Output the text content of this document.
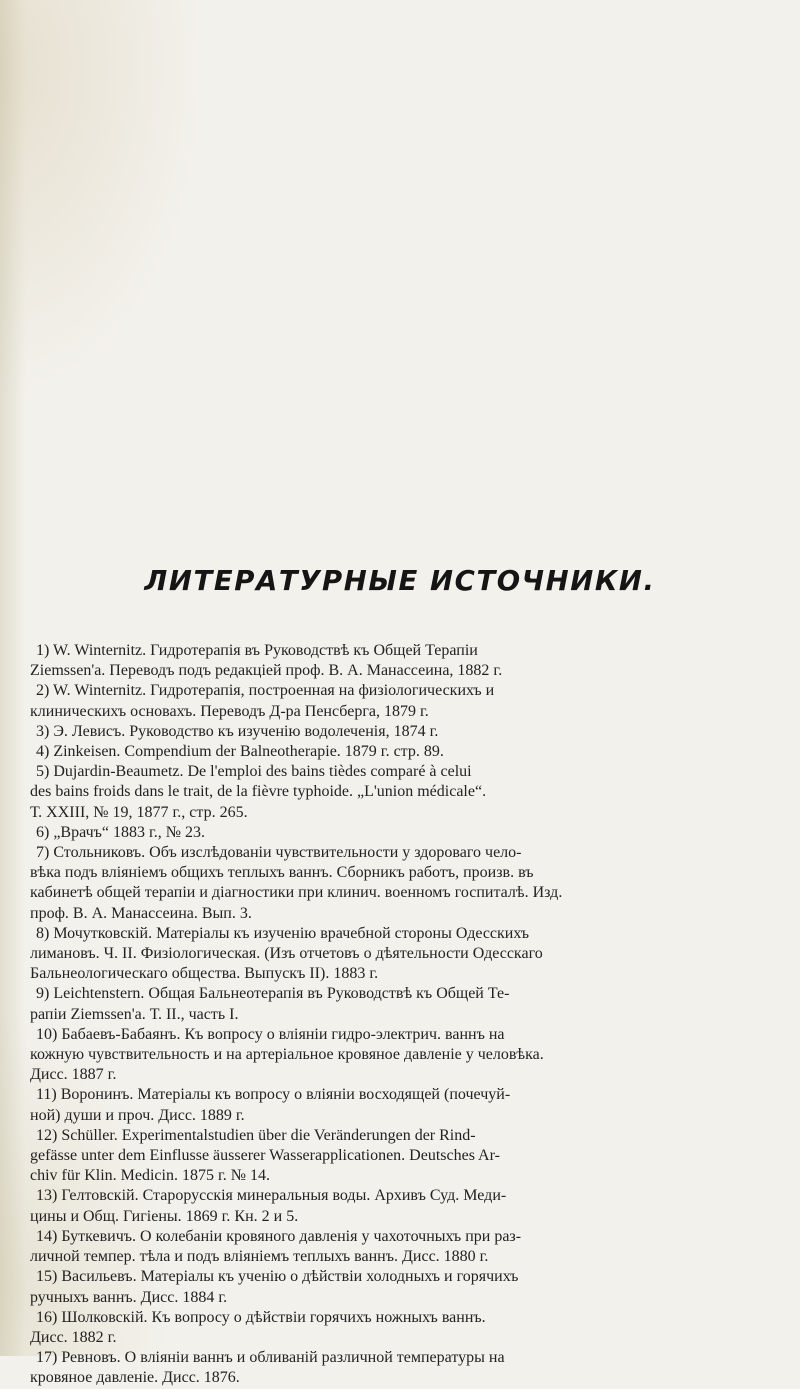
ЛИТЕРАТУРНЫЕ ИСТОЧНИКИ.

1) W. Winternitz. Гидротерапія въ Руководствѣ къ Общей Терапіи

Ziemssen'а. Переводъ подъ редакціей проф. В. А. Манассеина, 1882 г.

2) W. Winternitz. Гидротерапія, построенная на физіологическихъ и

клиническихъ основахъ. Переводъ Д-ра Пенсберга, 1879 г.

3) Э. Левисъ. Руководство къ изученію водолеченія, 1874 г.

4) Zinkeisen. Compendium der Balneotherapie. 1879 г. стр. 89.

5) Dujardin-Beaumetz. De l'emploi des bains tièdes comparé à celui

des bains froids dans le trait, de la fièvre typhoide. „L'union médicale“.

Т. XXIII, № 19, 1877 г., стр. 265.

6) „Врачъ“ 1883 г., № 23.

7) Стольниковъ. Объ изслѣдованіи чувствительности у здороваго чело-

вѣка подъ вліяніемъ общихъ теплыхъ ваннъ. Сборникъ работъ, произв. въ

кабинетѣ общей терапіи и діагностики при клинич. военномъ госпиталѣ. Изд.

проф. В. А. Манассеина. Вып. 3.

8) Мочутковскій. Матеріалы къ изученію врачебной стороны Одесскихъ

лимановъ. Ч. II. Физіологическая. (Изъ отчетовъ о дѣятельности Одесскаго

Бальнеологическаго общества. Выпускъ II). 1883 г.

9) Leichtenstern. Общая Бальнеотерапія въ Руководствѣ къ Общей Те-

рапіи Ziemssen'а. Т. II., часть I.

10) Бабаевъ-Бабаянъ. Къ вопросу о вліяніи гидро-электрич. ваннъ на

кожную чувствительность и на артеріальное кровяное давленіе у человѣка.

Дисс. 1887 г.

11) Воронинъ. Матеріалы къ вопросу о вліяніи восходящей (почечуй-

ной) души и проч. Дисс. 1889 г.

12) Schüller. Experimentalstudien über die Veränderungen der Rind-

gefässe unter dem Einflusse äusserer Wasserapplicationen. Deutsches Ar-

chiv für Klin. Medicin. 1875 г. № 14.

13) Гелтовскій. Старорусскія минеральныя воды. Архивъ Суд. Меди-

цины и Общ. Гигіены. 1869 г. Кн. 2 и 5.

14) Буткевичъ. О колебаніи кровяного давленія у чахоточныхъ при раз-

личной темпер. тѣла и подъ вліяніемъ теплыхъ ваннъ. Дисс. 1880 г.

15) Васильевъ. Матеріалы къ ученію о дѣйствіи холодныхъ и горячихъ

ручныхъ ваннъ. Дисс. 1884 г.

16) Шолковскій. Къ вопросу о дѣйствіи горячихъ ножныхъ ваннъ.

Дисс. 1882 г.

17) Ревновъ. О вліяніи ваннъ и обливаній различной температуры на

кровяное давленіе. Дисс. 1876.
